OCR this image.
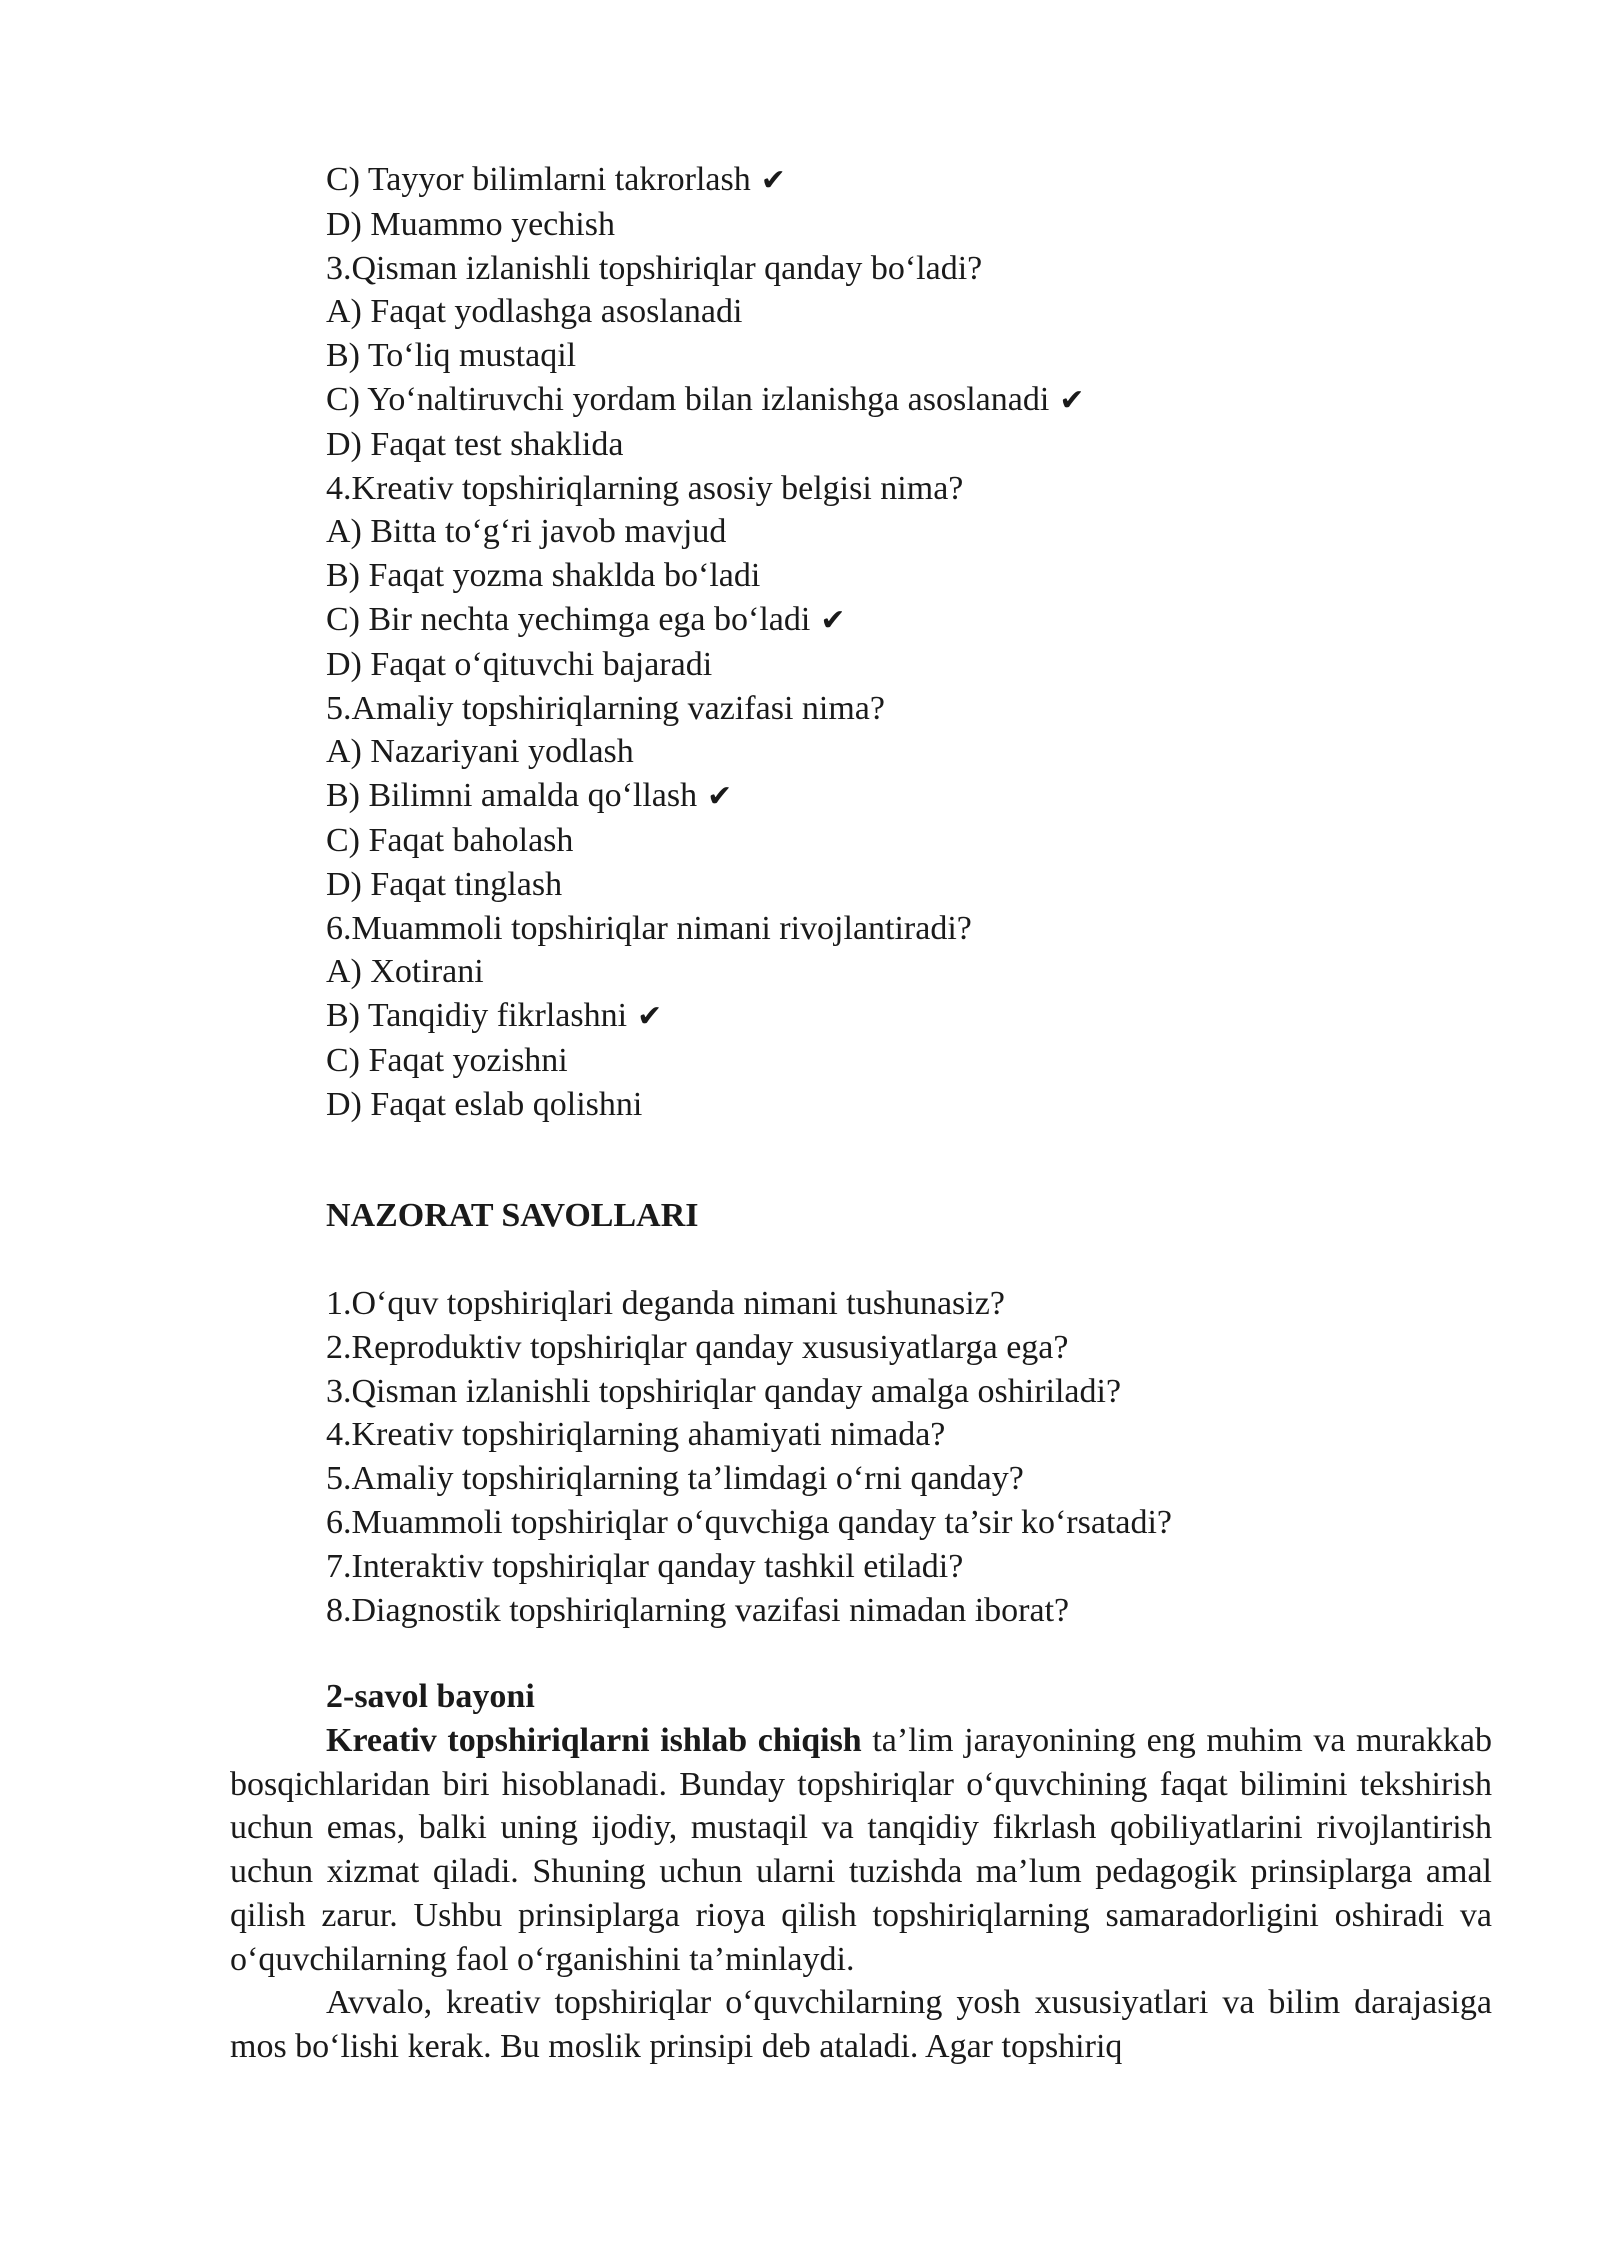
C) Tayyor bilimlarni takrorlash ✔
D) Muammo yechish
3.Qisman izlanishli topshiriqlar qanday bo‘ladi?
A) Faqat yodlashga asoslanadi
B) To‘liq mustaqil
C) Yo‘naltiruvchi yordam bilan izlanishga asoslanadi ✔
D) Faqat test shaklida
4.Kreativ topshiriqlarning asosiy belgisi nima?
A) Bitta to‘g‘ri javob mavjud
B) Faqat yozma shaklda bo‘ladi
C) Bir nechta yechimga ega bo‘ladi ✔
D) Faqat o‘qituvchi bajaradi
5.Amaliy topshiriqlarning vazifasi nima?
A) Nazariyani yodlash
B) Bilimni amalda qo‘llash ✔
C) Faqat baholash
D) Faqat tinglash
6.Muammoli topshiriqlar nimani rivojlantiradi?
A) Xotirani
B) Tanqidiy fikrlashni ✔
C) Faqat yozishni
D) Faqat eslab qolishni
NAZORAT SAVOLLARI
1.O‘quv topshiriqlari deganda nimani tushunasiz?
2.Reproduktiv topshiriqlar qanday xususiyatlarga ega?
3.Qisman izlanishli topshiriqlar qanday amalga oshiriladi?
4.Kreativ topshiriqlarning ahamiyati nimada?
5.Amaliy topshiriqlarning ta’limdagi o‘rni qanday?
6.Muammoli topshiriqlar o‘quvchiga qanday ta’sir ko‘rsatadi?
7.Interaktiv topshiriqlar qanday tashkil etiladi?
8.Diagnostik topshiriqlarning vazifasi nimadan iborat?
2-savol bayoni

Kreativ topshiriqlarni ishlab chiqish ta’lim jarayonining eng muhim va murakkab bosqichlaridan biri hisoblanadi. Bunday topshiriqlar o‘quvchining faqat bilimini tekshirish uchun emas, balki uning ijodiy, mustaqil va tanqidiy fikrlash qobiliyatlarini rivojlantirish uchun xizmat qiladi. Shuning uchun ularni tuzishda ma’lum pedagogik prinsiplarga amal qilish zarur. Ushbu prinsiplarga rioya qilish topshiriqlarning samaradorligini oshiradi va o‘quvchilarning faol o‘rganishini ta’minlaydi.

Avvalo, kreativ topshiriqlar o‘quvchilarning yosh xususiyatlari va bilim darajasiga mos bo‘lishi kerak. Bu moslik prinsipi deb ataladi. Agar topshiriq
